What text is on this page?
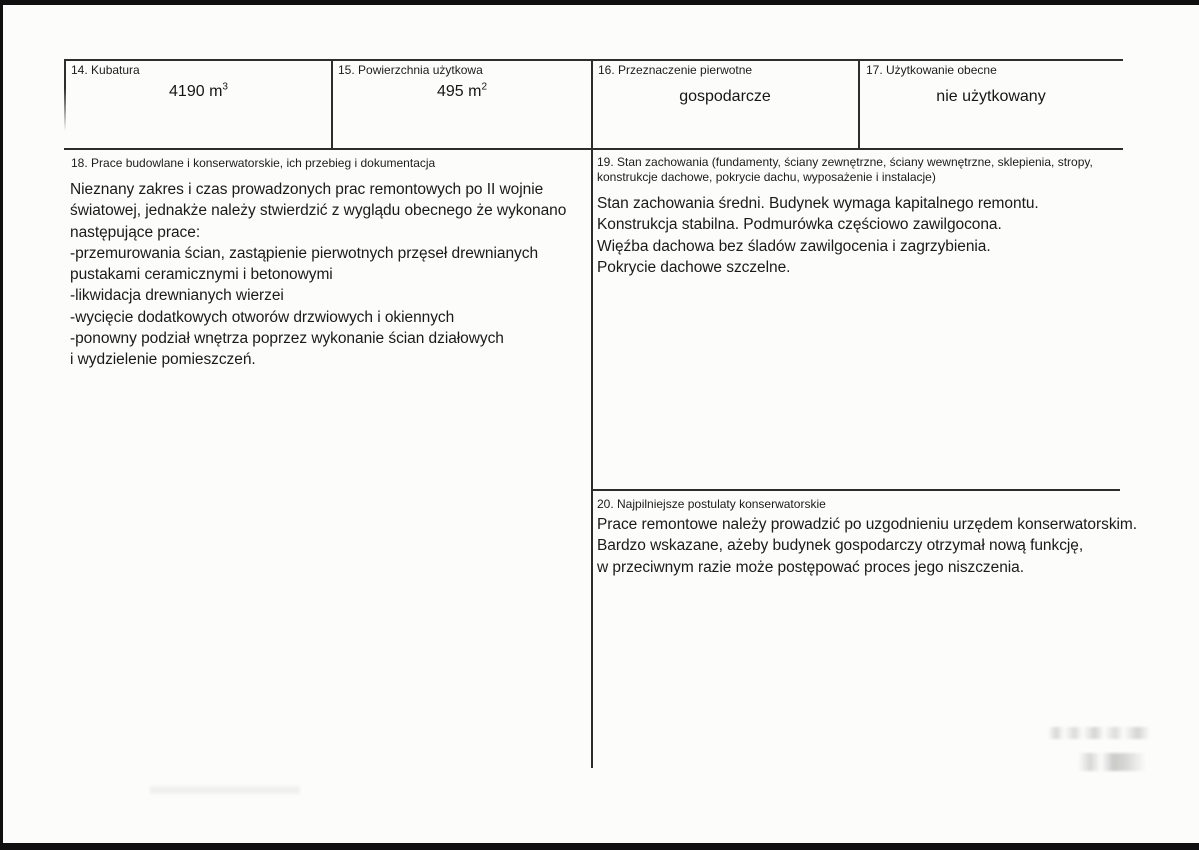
14. Kubatura
4190 $m^3$
15. Powierzchnia użytkowa
495 $m^2$
16. Przeznaczenie pierwotne
gospodarcze
17. Użytkowanie obecne
nie użytkowany
18. Prace budowlane i konserwatorskie, ich przebieg i dokumentacja
Nieznany zakres i czas prowadzonych prac remontowych po II wojnie
światowej, jednakże należy stwierdzić z wyglądu obecnego że wykonano
następujące prace:
-przemurowania ścian, zastąpienie pierwotnych przęseł drewnianych
pustakami ceramicznymi i betonowymi
-likwidacja drewnianych wierzei
-wycięcie dodatkowych otworów drzwiowych i okiennych
-ponowny podział wnętrza poprzez wykonanie ścian działowych
i wydzielenie pomieszczeń.
19. Stan zachowania (fundamenty, ściany zewnętrzne, ściany wewnętrzne, sklepienia, stropy,
konstrukcje dachowe, pokrycie dachu, wyposażenie i instalacje)
Stan zachowania średni. Budynek wymaga kapitalnego remontu.
Konstrukcja stabilna. Podmurówka częściowo zawilgocona.
Więźba dachowa bez śladów zawilgocenia i zagrzybienia.
Pokrycie dachowe szczelne.
20. Najpilniejsze postulaty konserwatorskie
Prace remontowe należy prowadzić po uzgodnieniu urzędem konserwatorskim.
Bardzo wskazane, ażeby budynek gospodarczy otrzymał nową funkcję,
w przeciwnym razie może postępować proces jego niszczenia.
